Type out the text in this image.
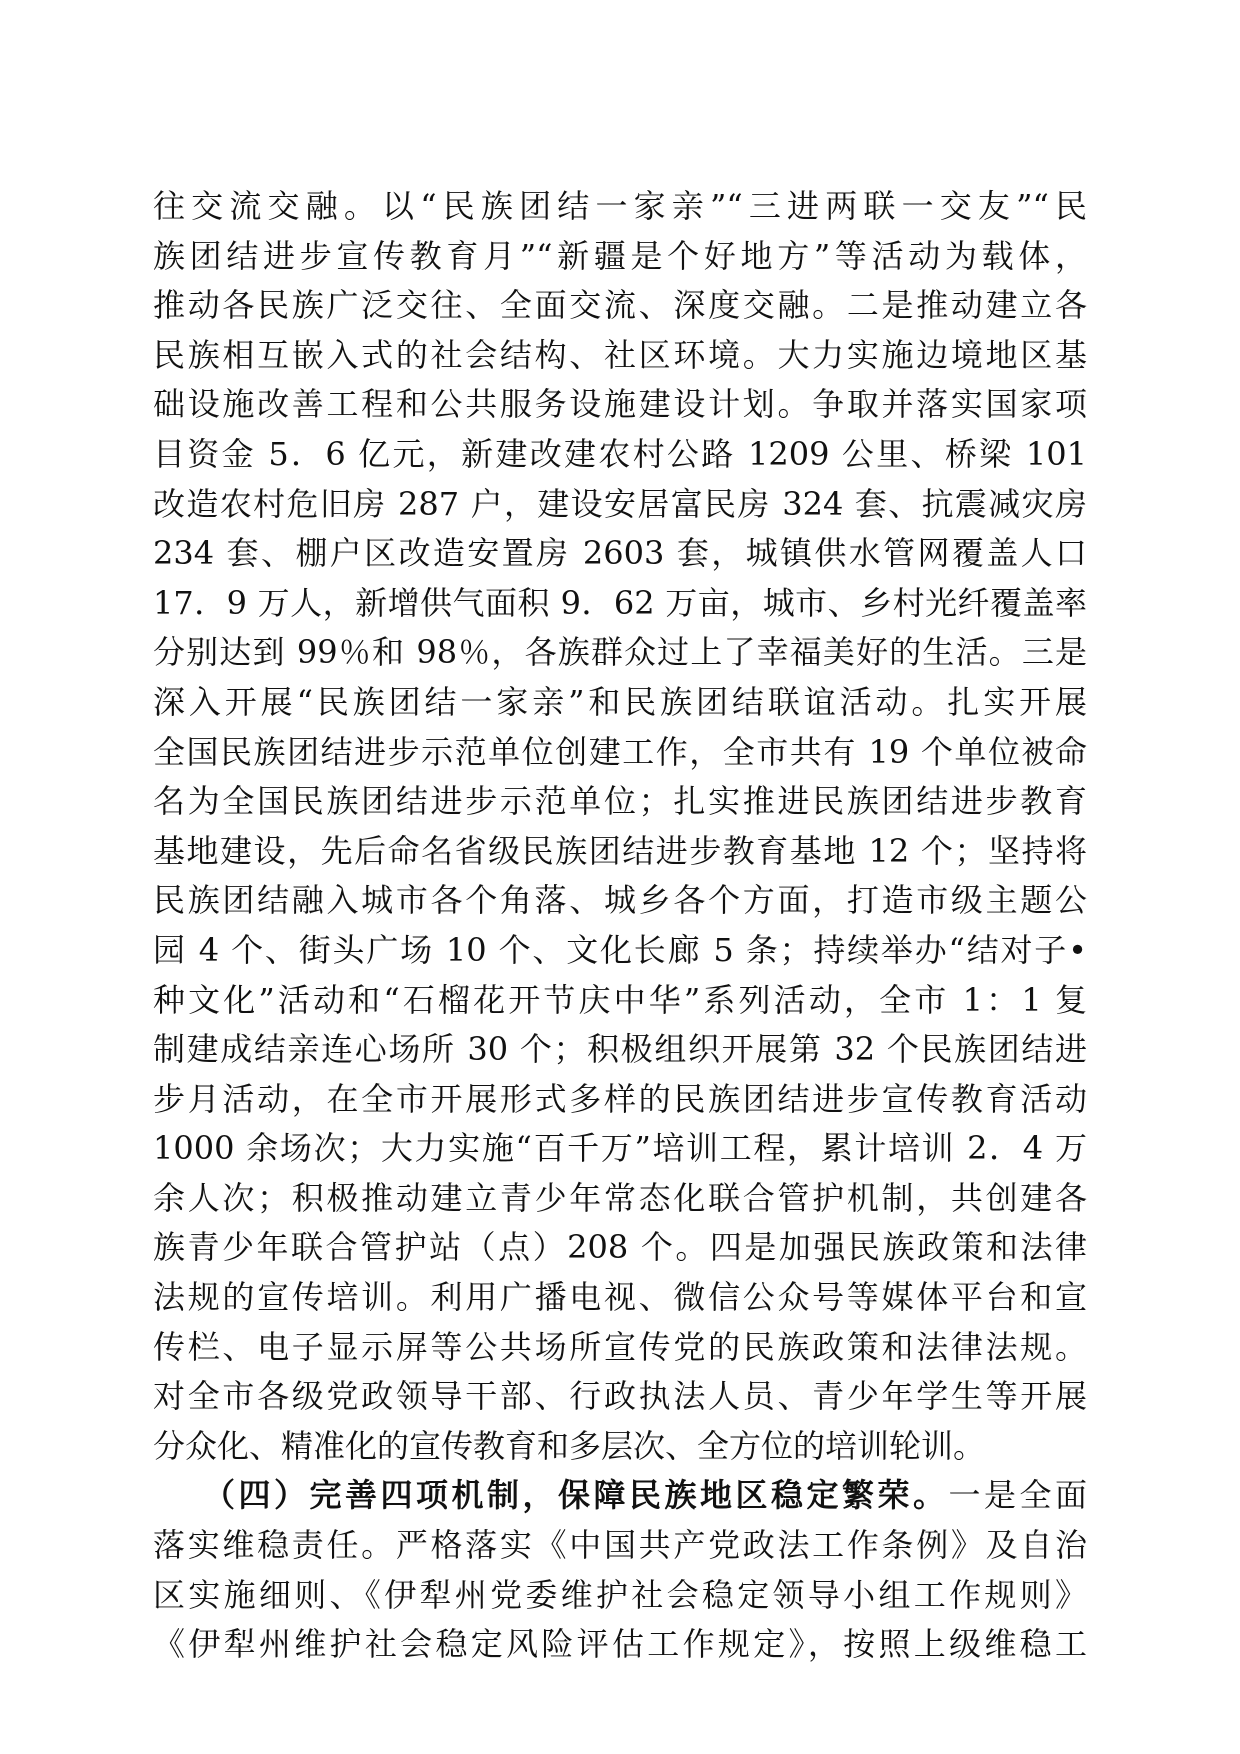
往交流交融。以“民族团结一家亲”“三进两联一交友”“民
族团结进步宣传教育月”“新疆是个好地方”等活动为载体，
推动各民族广泛交往、全面交流、深度交融。二是推动建立各
民族相互嵌入式的社会结构、社区环境。大力实施边境地区基
础设施改善工程和公共服务设施建设计划。争取并落实国家项
目资金 5．6 亿元，新建改建农村公路 1209 公里、桥梁 101
改造农村危旧房 287 户，建设安居富民房 324 套、抗震减灾房
234 套、棚户区改造安置房 2603 套，城镇供水管网覆盖人口
17．9 万人，新增供气面积 9．62 万亩，城市、乡村光纤覆盖率
分别达到 99％和 98％，各族群众过上了幸福美好的生活。三是
深入开展“民族团结一家亲”和民族团结联谊活动。扎实开展
全国民族团结进步示范单位创建工作，全市共有 19 个单位被命
名为全国民族团结进步示范单位；扎实推进民族团结进步教育
基地建设，先后命名省级民族团结进步教育基地 12 个；坚持将
民族团结融入城市各个角落、城乡各个方面，打造市级主题公
园 4 个、街头广场 10 个、文化长廊 5 条；持续举办“结对子•
种文化”活动和“石榴花开节庆中华”系列活动，全市 1：1 复
制建成结亲连心场所 30 个；积极组织开展第 32 个民族团结进
步月活动，在全市开展形式多样的民族团结进步宣传教育活动
1000 余场次；大力实施“百千万”培训工程，累计培训 2．4 万
余人次；积极推动建立青少年常态化联合管护机制，共创建各
族青少年联合管护站（点）208 个。四是加强民族政策和法律
法规的宣传培训。利用广播电视、微信公众号等媒体平台和宣
传栏、电子显示屏等公共场所宣传党的民族政策和法律法规。
对全市各级党政领导干部、行政执法人员、青少年学生等开展
分众化、精准化的宣传教育和多层次、全方位的培训轮训。
（四）完善四项机制，保障民族地区稳定繁荣。一是全面
落实维稳责任。严格落实《中国共产党政法工作条例》及自治
区实施细则、《伊犁州党委维护社会稳定领导小组工作规则》
《伊犁州维护社会稳定风险评估工作规定》，按照上级维稳工
